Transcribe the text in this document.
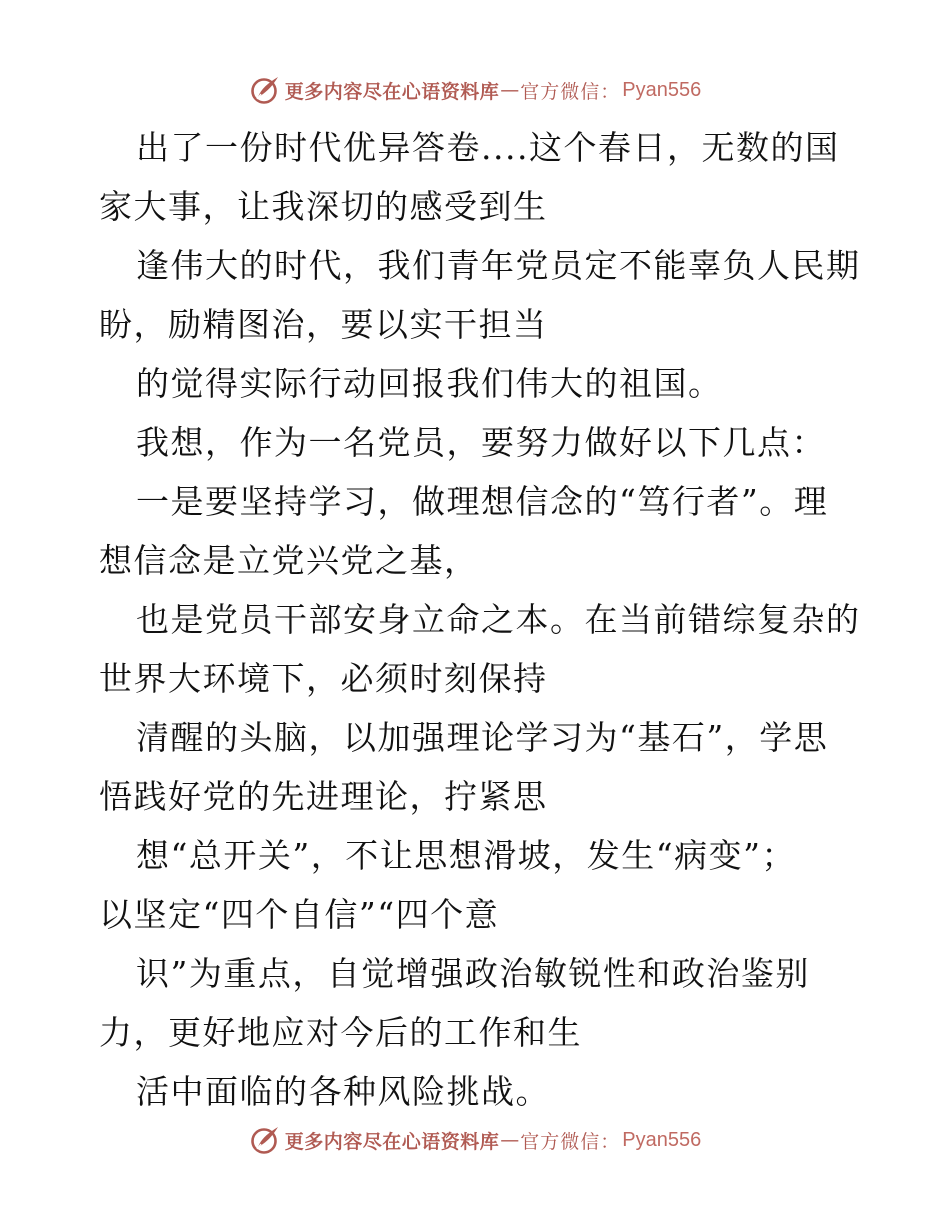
更多内容尽在心语资料库 — 官方微信： Pyan556
出了一份时代优异答卷....这个春日，无数的国
家大事，让我深切的感受到生
逢伟大的时代，我们青年党员定不能辜负人民期
盼，励精图治，要以实干担当
的觉得实际行动回报我们伟大的祖国。
我想，作为一名党员，要努力做好以下几点：
一是要坚持学习，做理想信念的“笃行者”。理
想信念是立党兴党之基，
也是党员干部安身立命之本。在当前错综复杂的
世界大环境下，必须时刻保持
清醒的头脑，以加强理论学习为“基石”，学思
悟践好党的先进理论，拧紧思
想“总开关”，不让思想滑坡，发生“病变”；
以坚定“四个自信”“四个意
识”为重点，自觉增强政治敏锐性和政治鉴别
力，更好地应对今后的工作和生
活中面临的各种风险挑战。
更多内容尽在心语资料库 — 官方微信： Pyan556
